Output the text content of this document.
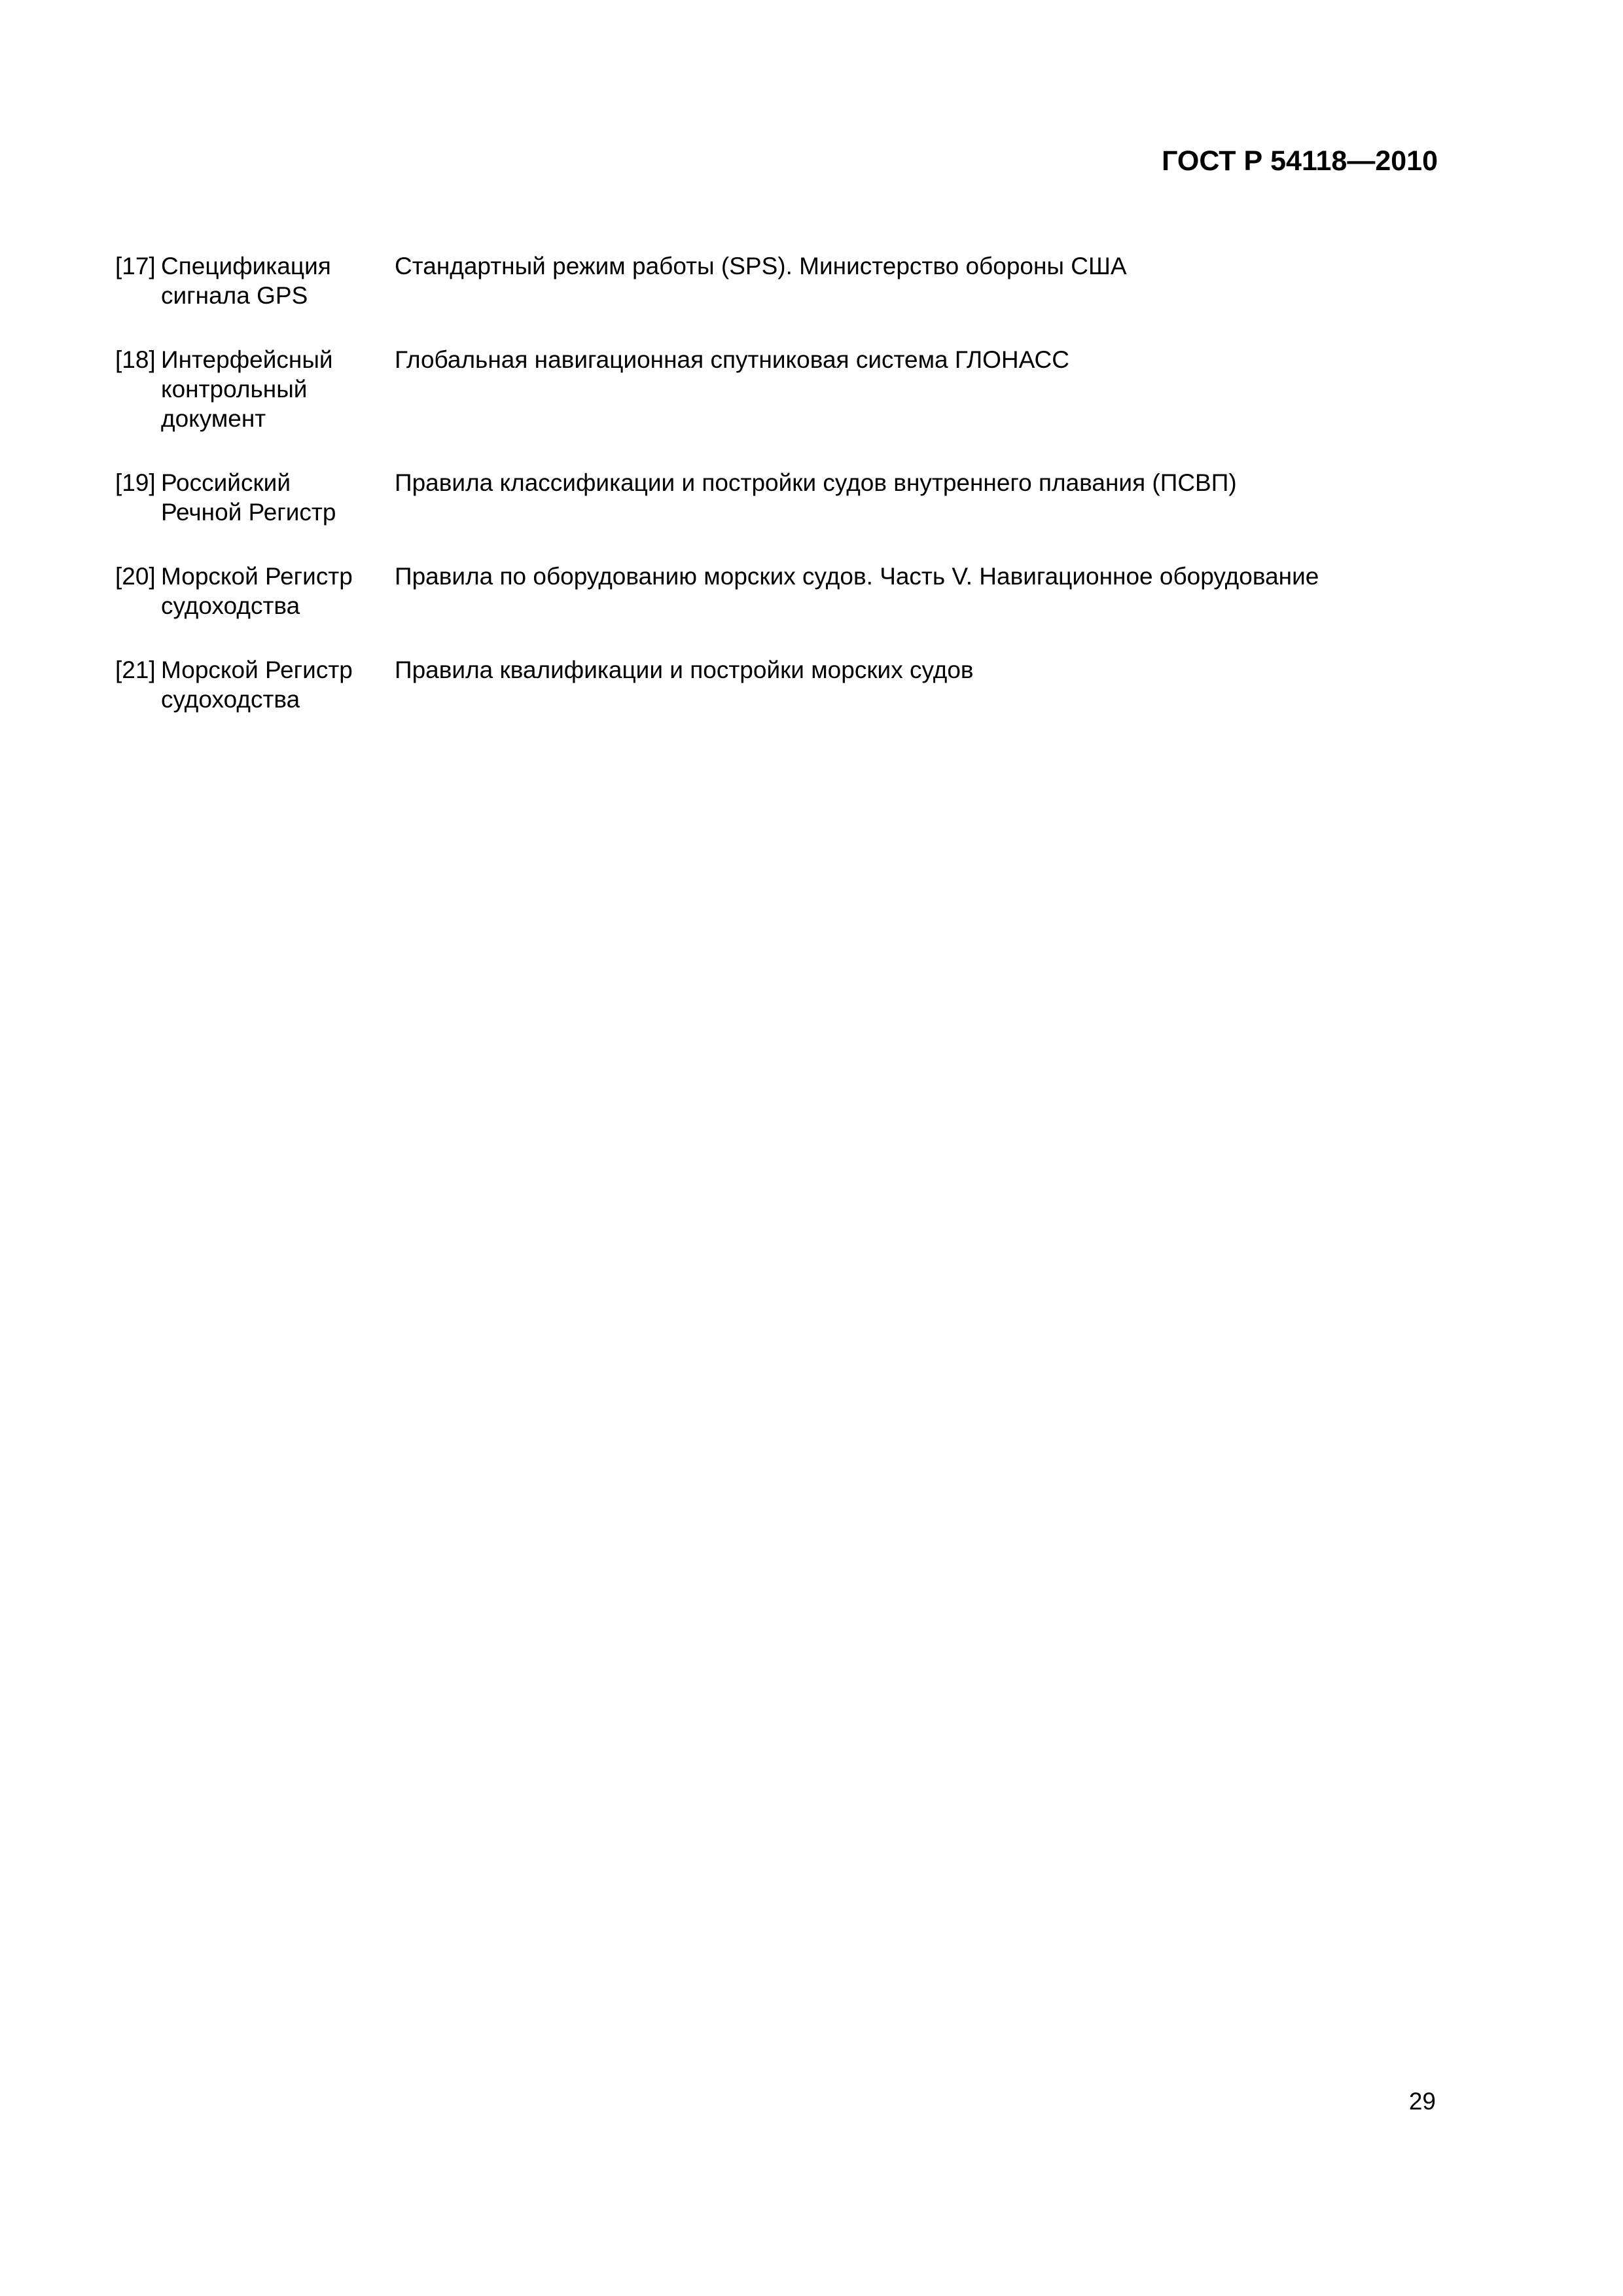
ГОСТ Р 54118—2010
[17] Спецификация
сигнала GPS
Стандартный режим работы (SPS). Министерство обороны США
[18] Интерфейсный
контрольный
документ
Глобальная навигационная спутниковая система ГЛОНАСС
[19] Российский
Речной Регистр
Правила классификации и постройки судов внутреннего плавания (ПСВП)
[20] Морской Регистр
судоходства
Правила по оборудованию морских судов. Часть V. Навигационное оборудование
[21] Морской Регистр
судоходства
Правила квалификации и постройки морских судов
29
